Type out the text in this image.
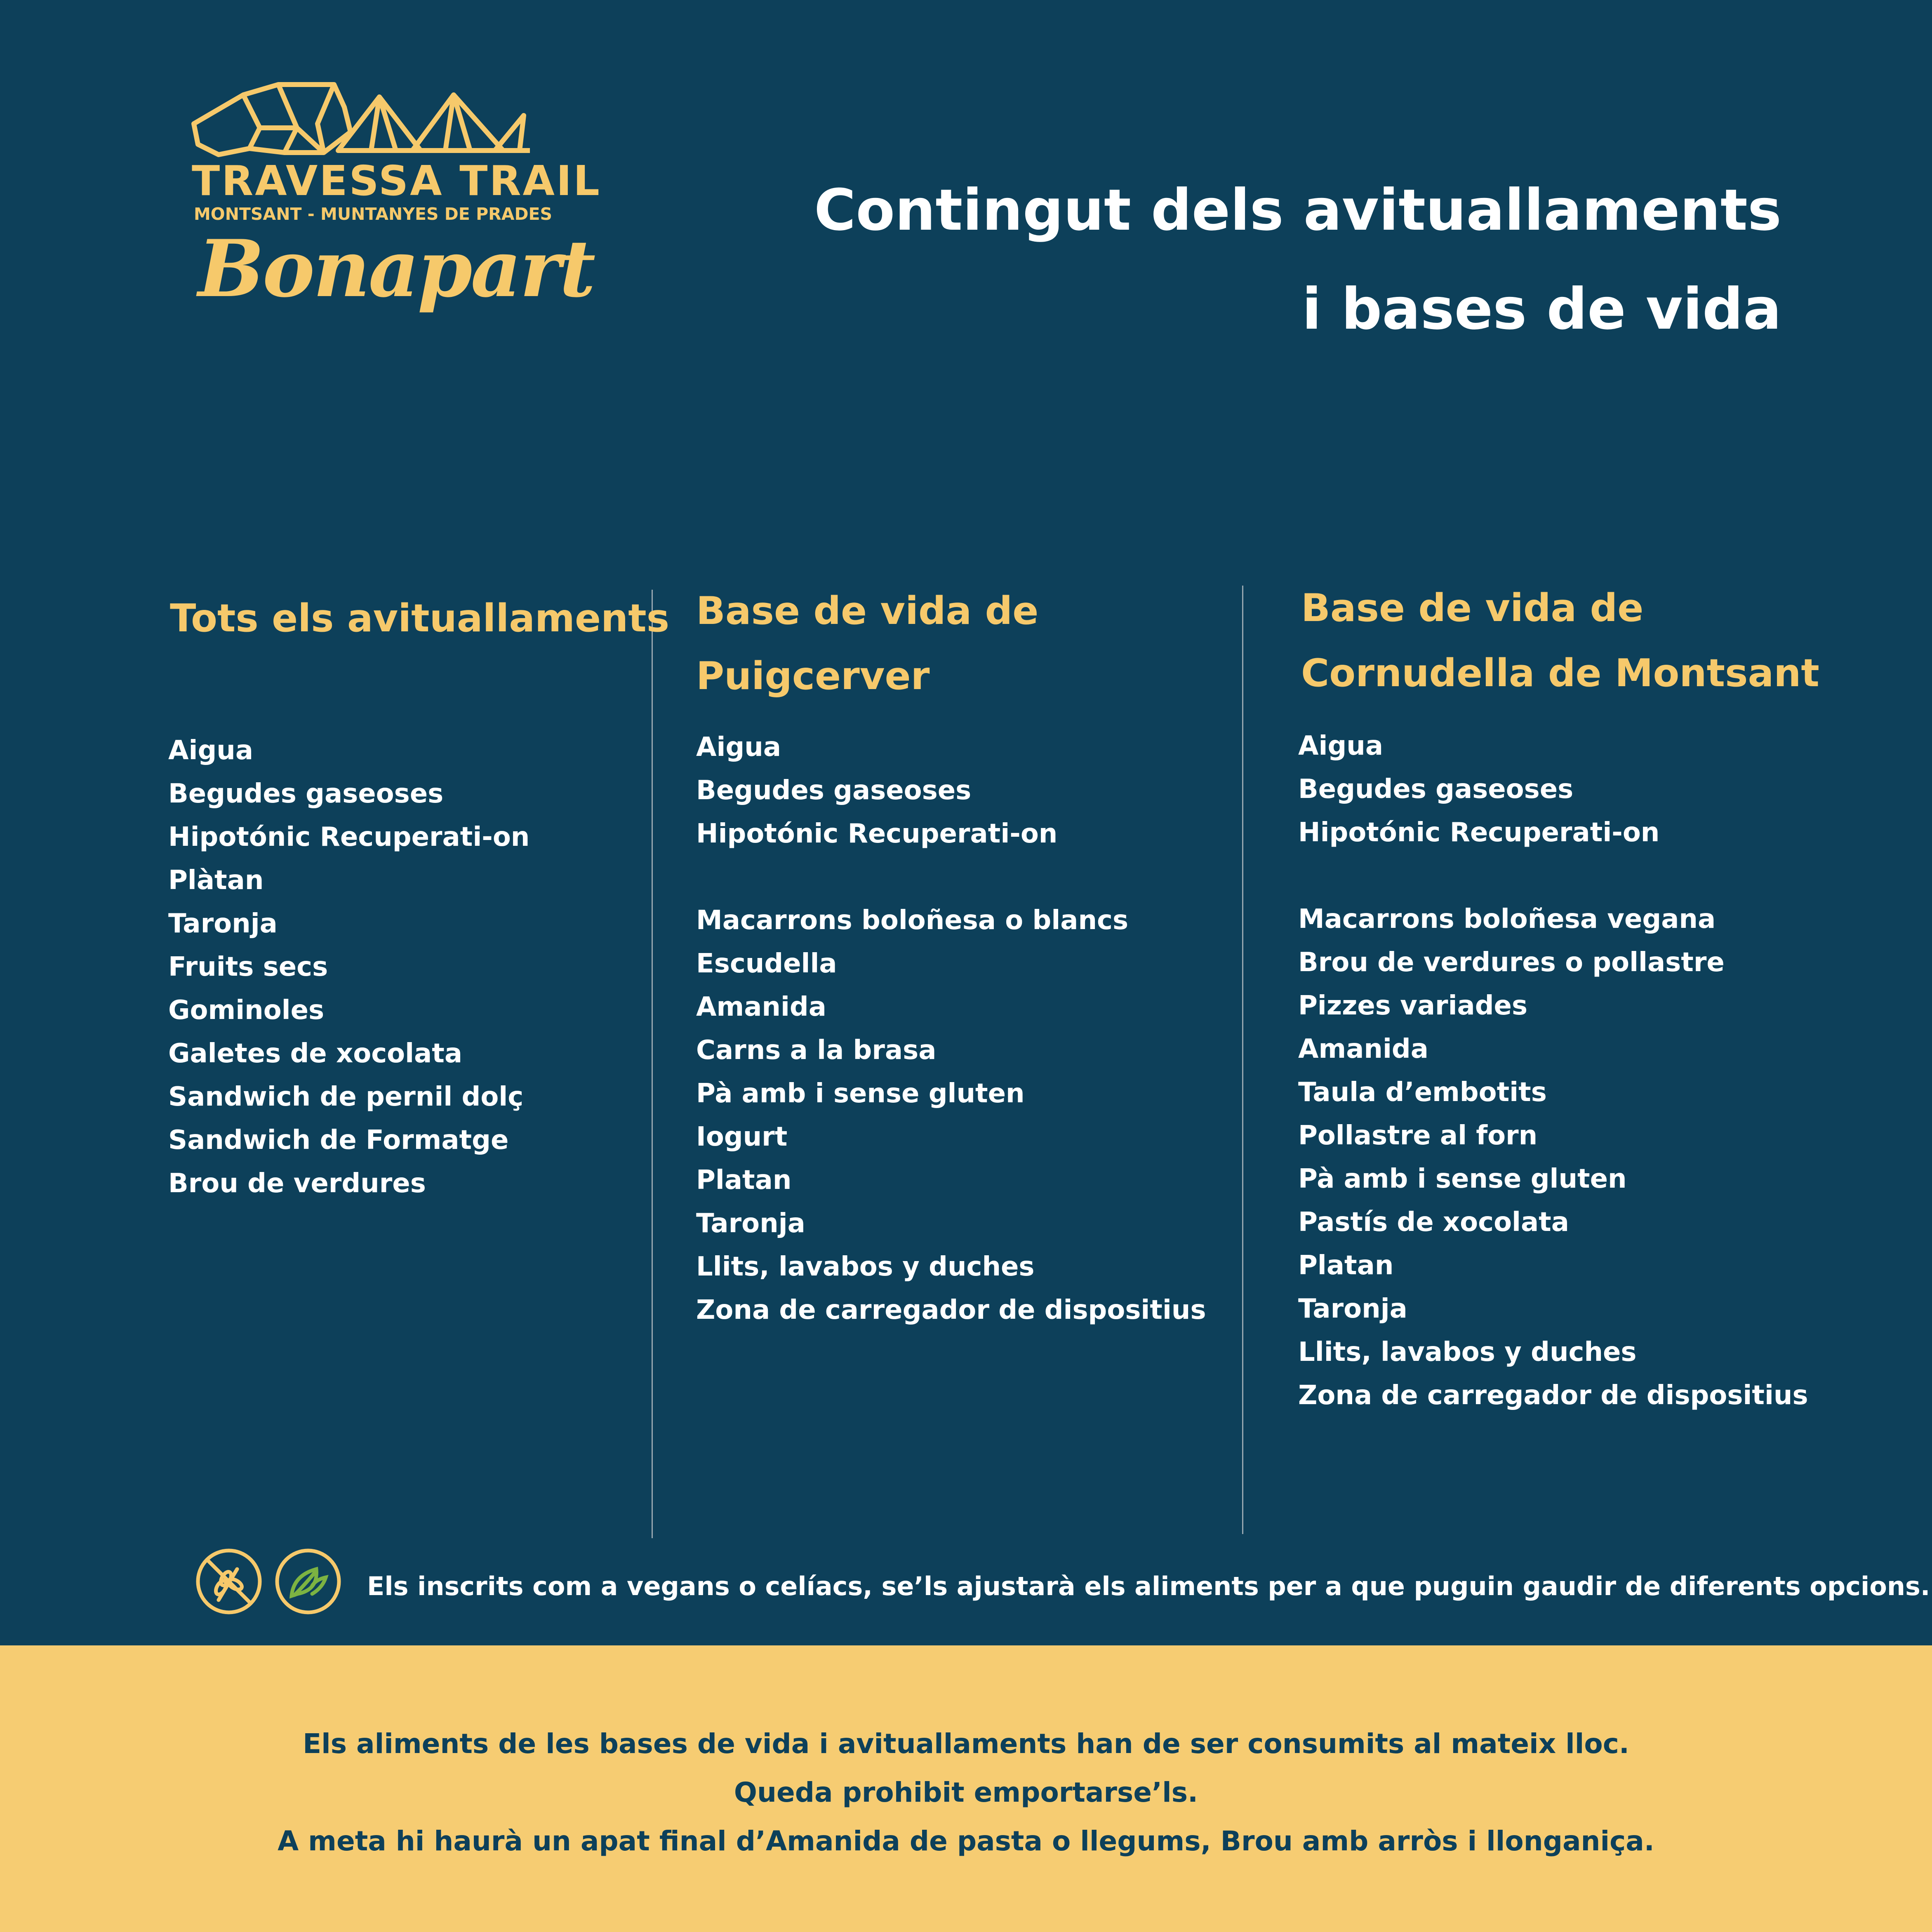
TRAVESSA TRAIL
MONTSANT - MUNTANYES DE PRADES
Bonapart
Contingut dels avituallaments
i bases de vida
Tots els avituallaments
Aigua
Begudes gaseoses
Hipotónic Recuperati-on
Plàtan
Taronja
Fruits secs
Gominoles
Galetes de xocolata
Sandwich de pernil dolç
Sandwich de Formatge
Brou de verdures
Base de vida de
Puigcerver
Aigua
Begudes gaseoses
Hipotónic Recuperati-on
Macarrons boloñesa o blancs
Escudella
Amanida
Carns a la brasa
Pà amb i sense gluten
Iogurt
Platan
Taronja
Llits, lavabos y duches
Zona de carregador de dispositius
Base de vida de
Cornudella de Montsant
Aigua
Begudes gaseoses
Hipotónic Recuperati-on
Macarrons boloñesa vegana
Brou de verdures o pollastre
Pizzes variades
Amanida
Taula d’embotits
Pollastre al forn
Pà amb i sense gluten
Pastís de xocolata
Platan
Taronja
Llits, lavabos y duches
Zona de carregador de dispositius
Els inscrits com a vegans o celíacs, se’ls ajustarà els aliments per a que puguin gaudir de diferents opcions.
Els aliments de les bases de vida i avituallaments han de ser consumits al mateix lloc.
Queda prohibit emportarse’ls.
A meta hi haurà un apat final d’Amanida de pasta o llegums, Brou amb arròs i llonganiça.
